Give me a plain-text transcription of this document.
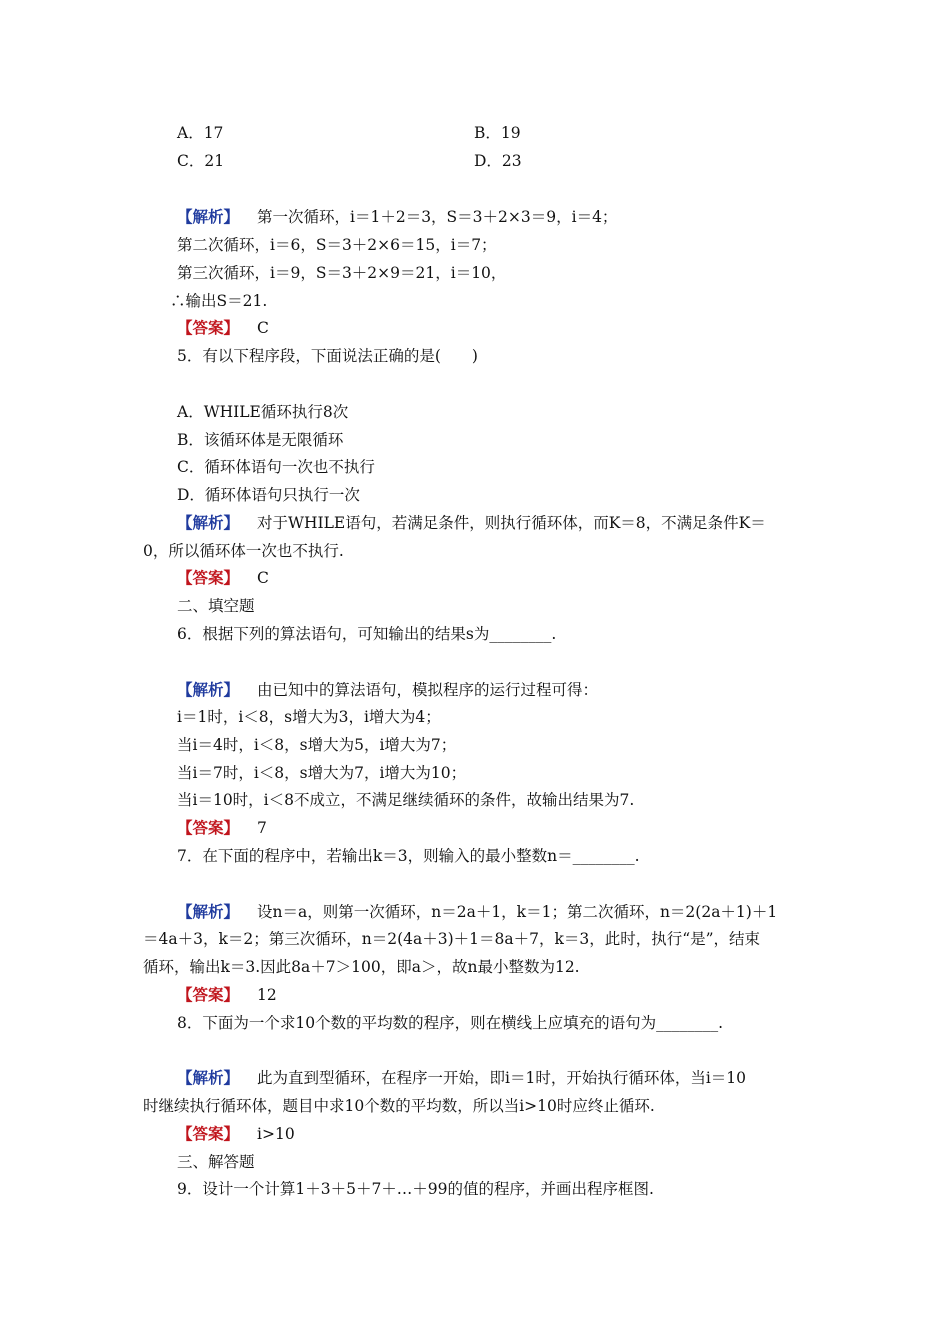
A．17	B．19
C．21	D．23
【解析】 第一次循环，i＝1＋2＝3，S＝3＋2×3＝9，i＝4；
第二次循环，i＝6，S＝3＋2×6＝15，i＝7；
第三次循环，i＝9，S＝3＋2×9＝21，i＝10，
∴输出S＝21.
【答案】 C
5．有以下程序段，下面说法正确的是(　　)
A．WHILE循环执行8次
B．该循环体是无限循环
C．循环体语句一次也不执行
D．循环体语句只执行一次
【解析】 对于WHILE语句，若满足条件，则执行循环体，而K＝8，不满足条件K＝
0，所以循环体一次也不执行.
【答案】 C
二、填空题
6．根据下列的算法语句，可知输出的结果s为________.
【解析】 由已知中的算法语句，模拟程序的运行过程可得：
i＝1时，i＜8，s增大为3，i增大为4；
当i＝4时，i＜8，s增大为5，i增大为7；
当i＝7时，i＜8，s增大为7，i增大为10；
当i＝10时，i＜8不成立，不满足继续循环的条件，故输出结果为7.
【答案】 7
7．在下面的程序中，若输出k＝3，则输入的最小整数n＝________.
【解析】 设n＝a，则第一次循环，n＝2a＋1，k＝1；第二次循环，n＝2(2a＋1)＋1
＝4a＋3，k＝2；第三次循环，n＝2(4a＋3)＋1＝8a＋7，k＝3，此时，执行“是”，结束
循环，输出k＝3.因此8a＋7＞100，即a＞，故n最小整数为12.
【答案】 12
8．下面为一个求10个数的平均数的程序，则在横线上应填充的语句为________.
【解析】 此为直到型循环，在程序一开始，即i＝1时，开始执行循环体，当i＝10
时继续执行循环体，题目中求10个数的平均数，所以当i>10时应终止循环.
【答案】 i>10
三、解答题
9．设计一个计算1＋3＋5＋7＋…＋99的值的程序，并画出程序框图.
